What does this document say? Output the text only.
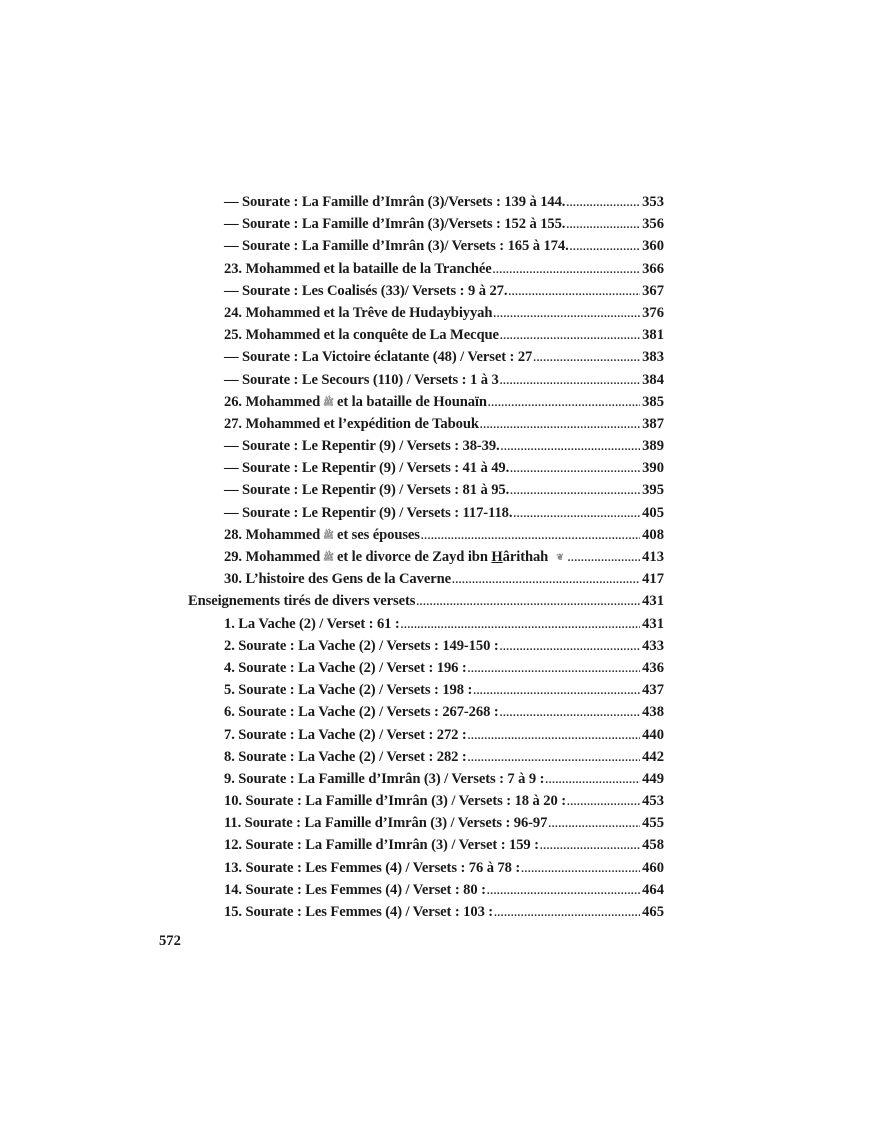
— Sourate : La Famille d’Imrân (3)/Versets : 139 à 144. .....	353
— Sourate : La Famille d’Imrân (3)/Versets : 152 à 155. .....	356
— Sourate : La Famille d’Imrân (3)/ Versets : 165 à 174. .....	360
23. Mohammed et la bataille de la Tranchée .....	366
— Sourate : Les Coalisés (33)/ Versets : 9 à 27. .....	367
24. Mohammed et la Trêve de Hudaybiyyah .....	376
25. Mohammed et la conquête de La Mecque .....	381
— Sourate : La Victoire éclatante (48) / Verset : 27 .....	383
— Sourate : Le Secours (110) / Versets : 1 à 3 .....	384
26. Mohammed ﷺ et la bataille de Hounaïn .....	385
27. Mohammed et l’expédition de Tabouk .....	387
— Sourate : Le Repentir (9) / Versets : 38-39. .....	389
— Sourate : Le Repentir (9) / Versets : 41 à 49. .....	390
— Sourate : Le Repentir (9) / Versets : 81 à 95. .....	395
— Sourate : Le Repentir (9) / Versets : 117-118. .....	405
28. Mohammed ﷺ et ses épouses .....	408
29. Mohammed ﷺ et le divorce de Zayd ibn Hârithah ❦ .....	413
30. L’histoire des Gens de la Caverne .....	417
Enseignements tirés de divers versets .....	431
1. La Vache (2) / Verset : 61 : .....	431
2. Sourate : La Vache (2) / Versets : 149-150 : .....	433
4. Sourate : La Vache (2) / Verset : 196 : .....	436
5. Sourate : La Vache (2) / Versets : 198 : .....	437
6. Sourate : La Vache (2) / Versets : 267-268 : .....	438
7. Sourate : La Vache (2) / Verset : 272 : .....	440
8. Sourate : La Vache (2) / Verset : 282 : .....	442
9. Sourate : La Famille d’Imrân (3) / Versets : 7 à 9 : .....	449
10. Sourate : La Famille d’Imrân (3) / Versets : 18 à 20 : .....	453
11. Sourate : La Famille d’Imrân (3) / Versets : 96-97 .....	455
12. Sourate : La Famille d’Imrân (3) / Verset : 159 : .....	458
13. Sourate : Les Femmes (4) / Versets : 76 à 78 : .....	460
14. Sourate : Les Femmes (4) / Verset : 80 : .....	464
15. Sourate : Les Femmes (4) / Verset : 103 : .....	465
572
